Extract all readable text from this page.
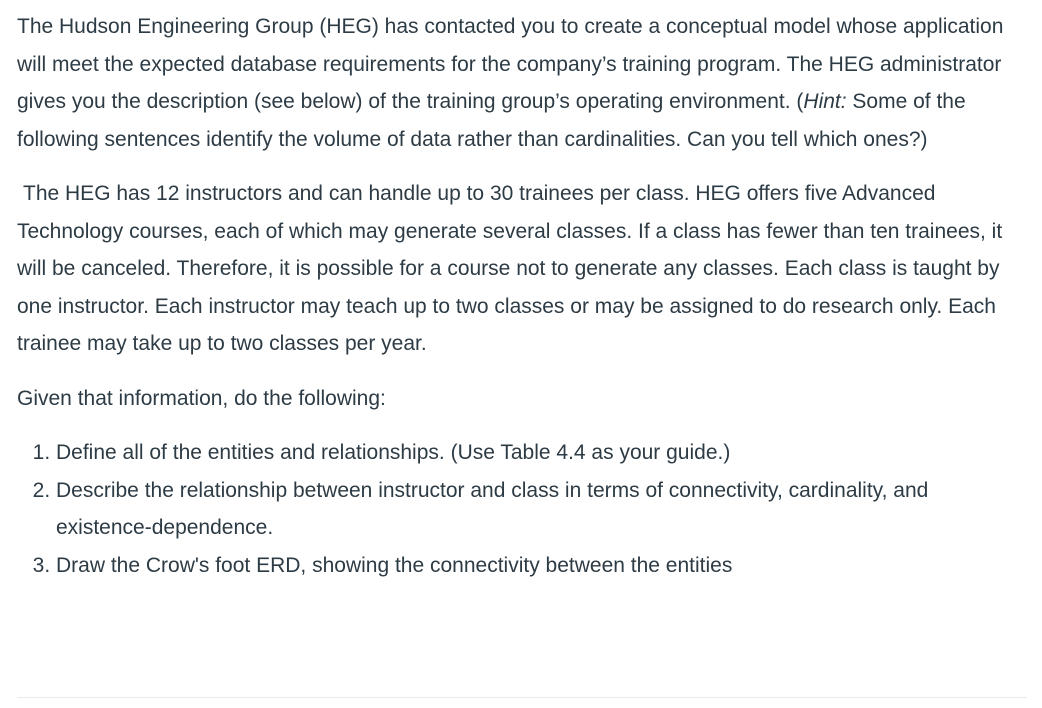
The Hudson Engineering Group (HEG) has contacted you to create a conceptual model whose application will meet the expected database requirements for the company’s training program. The HEG administrator gives you the description (see below) of the training group’s operating environment. (Hint: Some of the following sentences identify the volume of data rather than cardinalities. Can you tell which ones?)

The HEG has 12 instructors and can handle up to 30 trainees per class. HEG offers five Advanced Technology courses, each of which may generate several classes. If a class has fewer than ten trainees, it will be canceled. Therefore, it is possible for a course not to generate any classes. Each class is taught by one instructor. Each instructor may teach up to two classes or may be assigned to do research only. Each trainee may take up to two classes per year.

Given that information, do the following:

1. Define all of the entities and relationships. (Use Table 4.4 as your guide.)
2. Describe the relationship between instructor and class in terms of connectivity, cardinality, and existence-dependence.
3. Draw the Crow's foot ERD, showing the connectivity between the entities
